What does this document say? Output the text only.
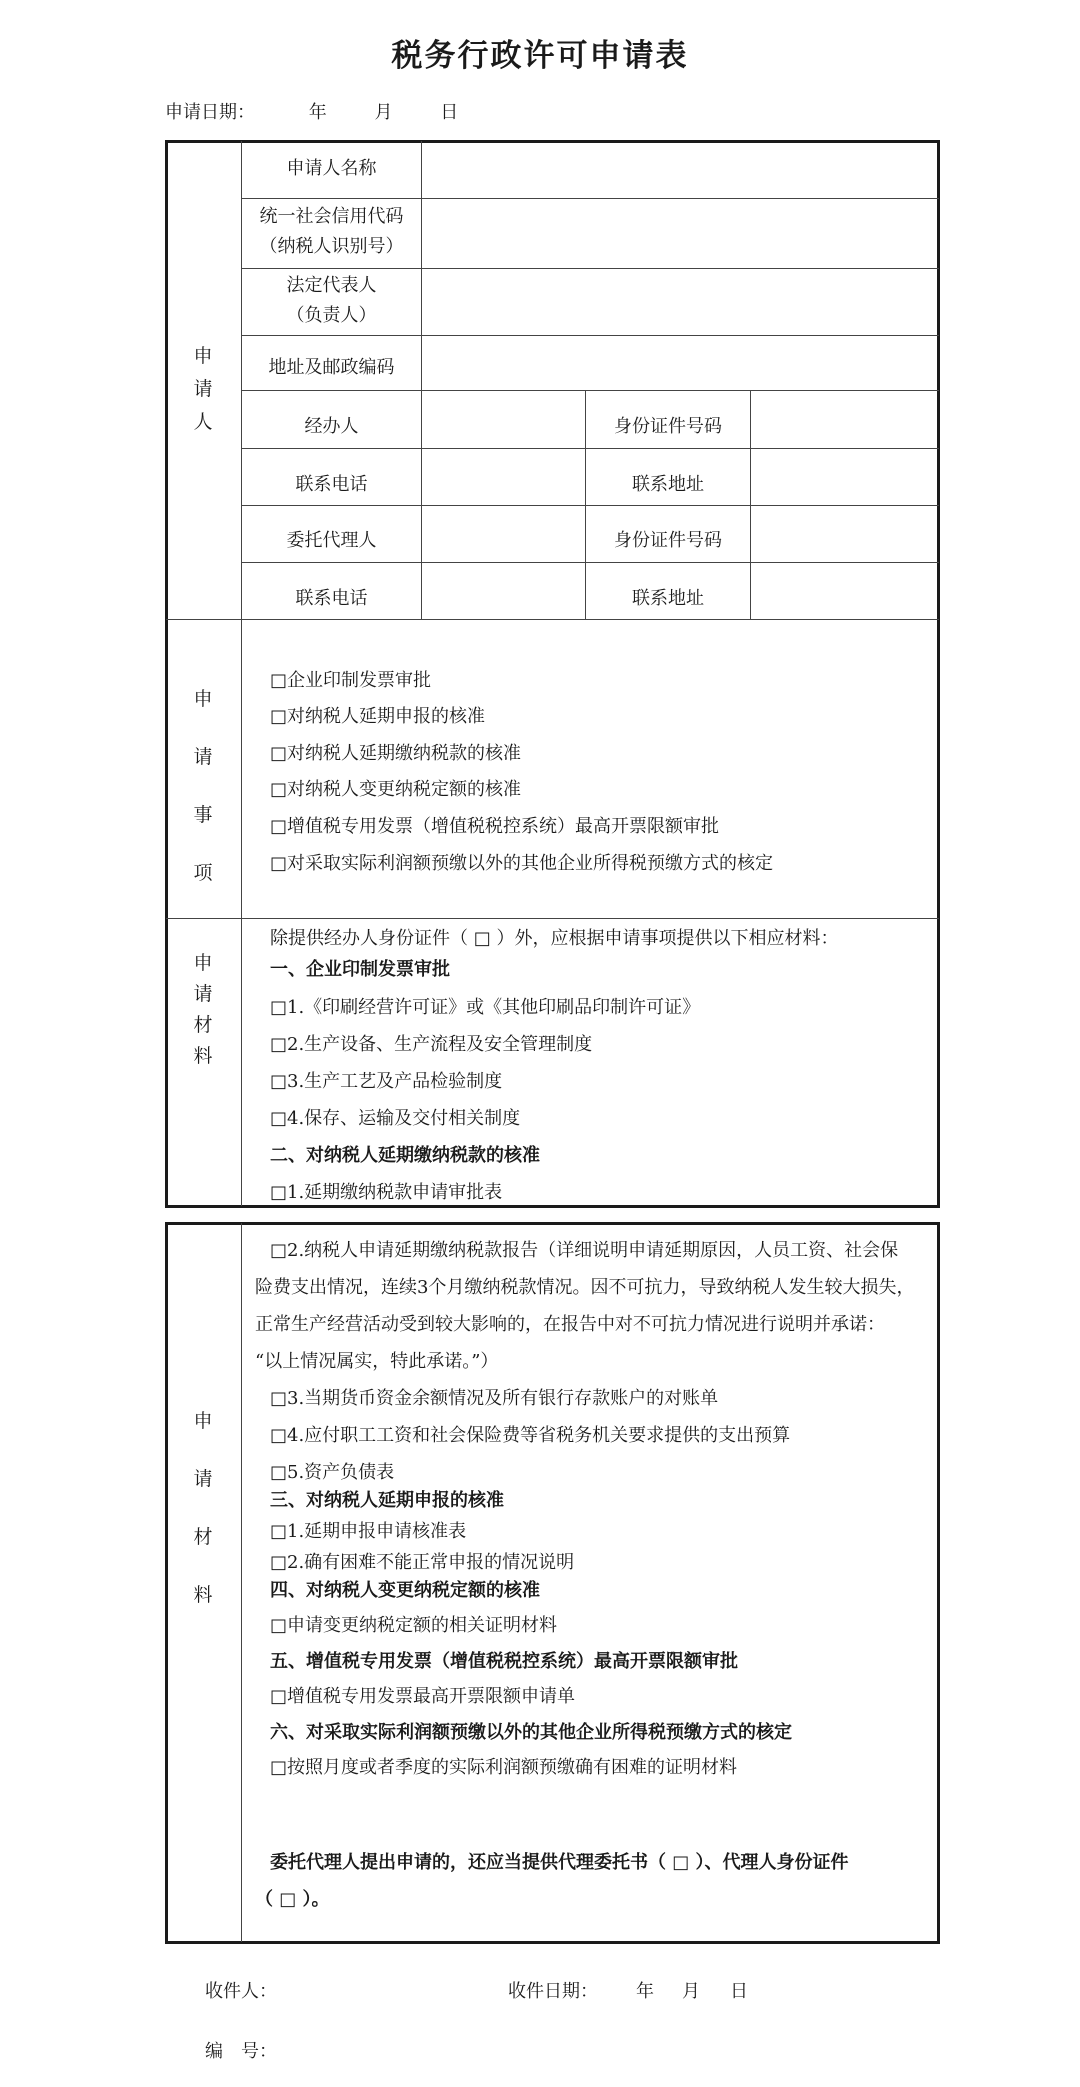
税务行政许可申请表
申请日期：	年	月	日
申
请
人
申请人名称
统一社会信用代码
（纳税人识别号）
法定代表人
（负责人）
地址及邮政编码
经办人	身份证件号码
联系电话	联系地址
委托代理人	身份证件号码
联系电话	联系地址
申
请
事
项
□企业印制发票审批
□对纳税人延期申报的核准
□对纳税人延期缴纳税款的核准
□对纳税人变更纳税定额的核准
□增值税专用发票（增值税税控系统）最高开票限额审批
□对采取实际利润额预缴以外的其他企业所得税预缴方式的核定
申
请
材
料
除提供经办人身份证件（ □ ）外，应根据申请事项提供以下相应材料：
一、企业印制发票审批
□1.《印刷经营许可证》或《其他印刷品印制许可证》
□2.生产设备、生产流程及安全管理制度
□3.生产工艺及产品检验制度
□4.保存、运输及交付相关制度
二、对纳税人延期缴纳税款的核准
□1.延期缴纳税款申请审批表
申
请
材
料
□2.纳税人申请延期缴纳税款报告（详细说明申请延期原因，人员工资、社会保
险费支出情况，连续3个月缴纳税款情况。因不可抗力，导致纳税人发生较大损失，
正常生产经营活动受到较大影响的，在报告中对不可抗力情况进行说明并承诺：
“以上情况属实，特此承诺。”）
□3.当期货币资金余额情况及所有银行存款账户的对账单
□4.应付职工工资和社会保险费等省税务机关要求提供的支出预算
□5.资产负债表
三、对纳税人延期申报的核准
□1.延期申报申请核准表
□2.确有困难不能正常申报的情况说明
四、对纳税人变更纳税定额的核准
□申请变更纳税定额的相关证明材料
五、增值税专用发票（增值税税控系统）最高开票限额审批
□增值税专用发票最高开票限额申请单
六、对采取实际利润额预缴以外的其他企业所得税预缴方式的核定
□按照月度或者季度的实际利润额预缴确有困难的证明材料
委托代理人提出申请的，还应当提供代理委托书（ □ ）、代理人身份证件
（ □ ）。
收件人：	收件日期： 年 月 日
编　号：
